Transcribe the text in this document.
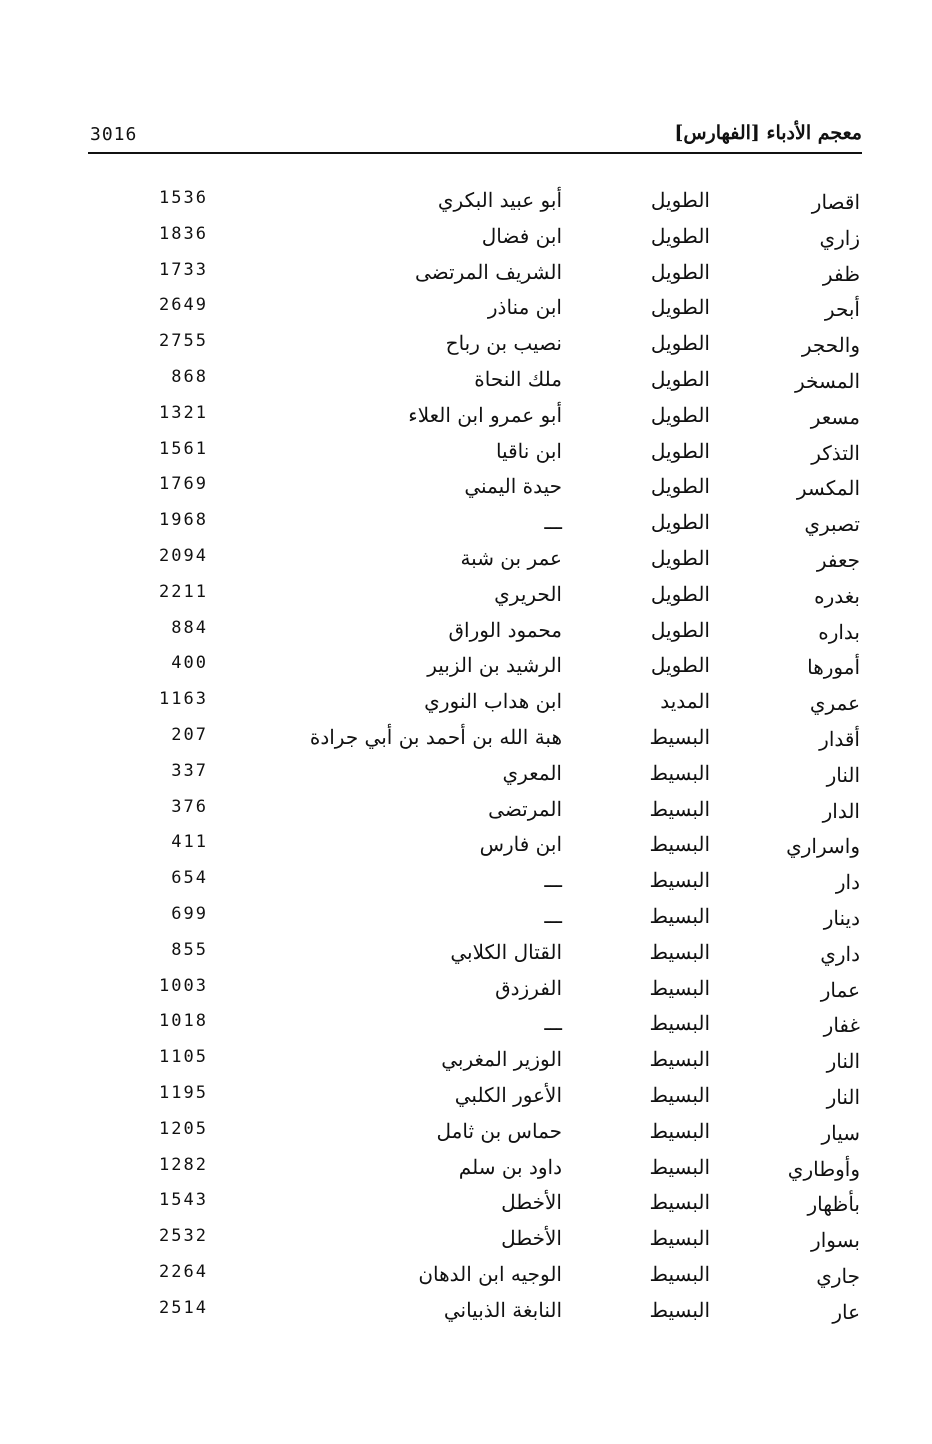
3016	معجم الأدباء [الفهارس]
اقصار
الطويل
أبو عبيد البكري
1536
زاري
الطويل
ابن فضال
1836
ظفر
الطويل
الشريف المرتضى
1733
أبحر
الطويل
ابن مناذر
2649
والحجر
الطويل
نصيب بن رباح
2755
المسخر
الطويل
ملك النحاة
868
مسعر
الطويل
أبو عمرو ابن العلاء
1321
التذكر
الطويل
ابن ناقيا
1561
المكسر
الطويل
حيدة اليمني
1769
تصبري
الطويل
ـــ
1968
جعفر
الطويل
عمر بن شبة
2094
بغدره
الطويل
الحريري
2211
بداره
الطويل
محمود الوراق
884
أمورها
الطويل
الرشيد بن الزبير
400
عمري
المديد
ابن هداب النوري
1163
أقدار
البسيط
هبة الله بن أحمد بن أبي جرادة
207
النار
البسيط
المعري
337
الدار
البسيط
المرتضى
376
واسراري
البسيط
ابن فارس
411
دار
البسيط
ـــ
654
دينار
البسيط
ـــ
699
داري
البسيط
القتال الكلابي
855
عمار
البسيط
الفرزدق
1003
غفار
البسيط
ـــ
1018
النار
البسيط
الوزير المغربي
1105
النار
البسيط
الأعور الكلبي
1195
سيار
البسيط
حماس بن ثامل
1205
وأوطاري
البسيط
داود بن سلم
1282
بأظهار
البسيط
الأخطل
1543
بسوار
البسيط
الأخطل
2532
جاري
البسيط
الوجيه ابن الدهان
2264
عار
البسيط
النابغة الذبياني
2514
